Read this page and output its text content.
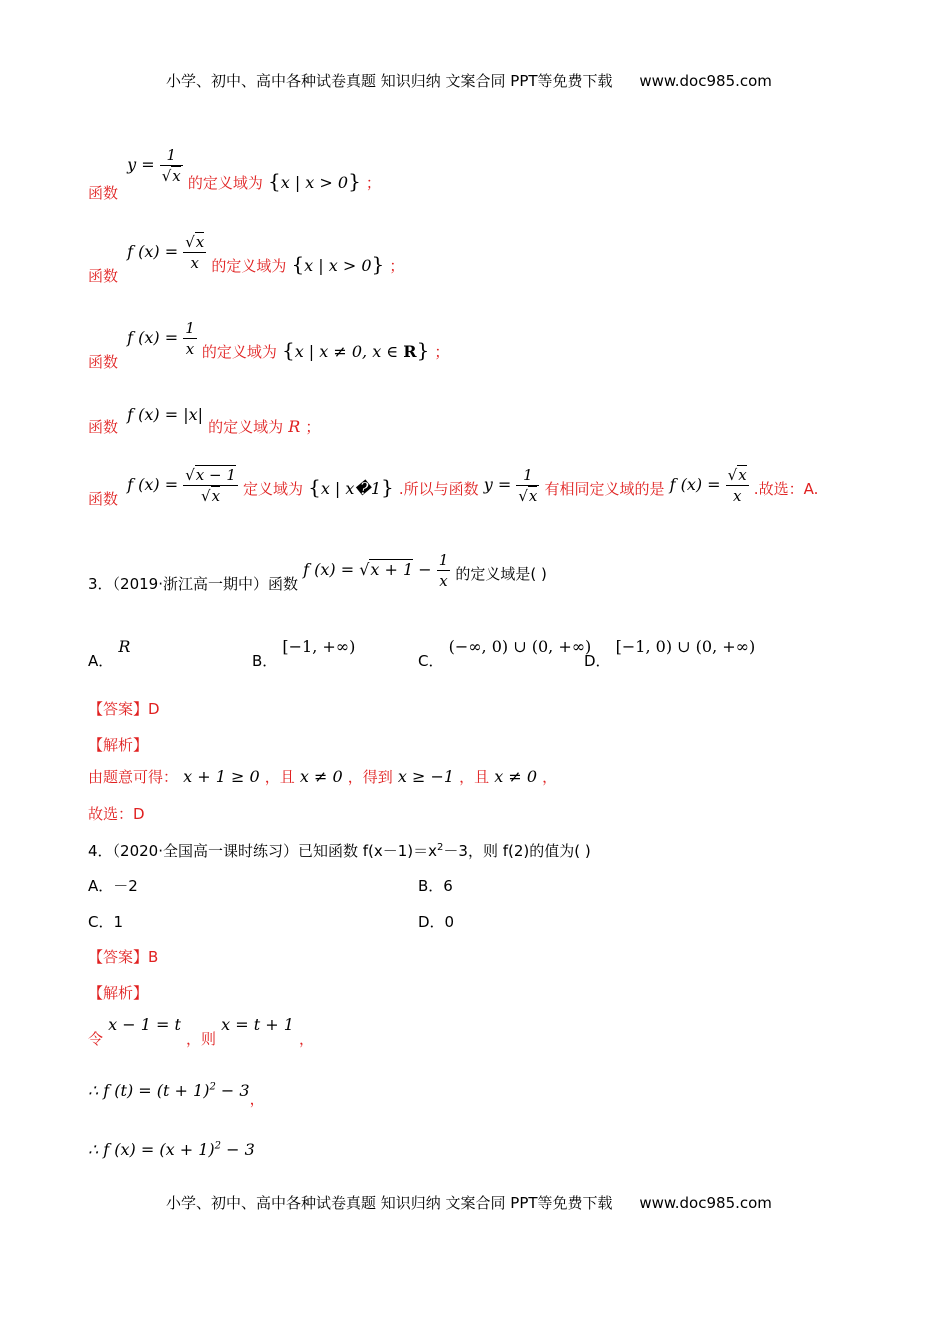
小学、初中、高中各种试卷真题 知识归纳 文案合同 PPT等免费下载 www.doc985.com
函数 $y = \frac{1}{√x}$ 的定义域为 {x | x > 0} ；
函数 f $(x) = \frac{√x}{x}$ 的定义域为 {x | x > 0} ；
函数 f $(x) = \frac{1}{x}$ 的定义域为 {x | x ≠ 0, x ∈ R} ；
函数 f (x) = |x| 的定义域为 R ；
函数 f $(x) = \frac{√x - 1}{√x}$ 定义域为 {x | x�1} .所以与函数 $y = \frac{1}{√x}$ 有相同定义域的是 f $(x) = \frac{√x}{x}$ .故选：A.
3．（2019·浙江高一期中）函数 f $(x) = √x + 1 - \frac{1}{x}$ 的定义域是( )
A． R
B． [−1, +∞)
C． (−∞, 0) ∪ (0, +∞)
D． [−1, 0) ∪ (0, +∞)
【答案】D
【解析】
由题意可得： x + 1 ≥ 0 ，且 x ≠ 0 ，得到 x ≥ −1 ，且 x ≠ 0 ，
故选：D
4．（2020·全国高一课时练习）已知函数 $f(x-1)=x^2-3$，则 f(2)的值为( )
A．－2	B．6
C．1	D．0
【答案】B
【解析】
令 x − 1 = t ，则 x = t + 1 ，
∴ f $(t) = (t + 1)^2 - 3$，
∴ f $(x) = (x + 1)^2 - 3$
小学、初中、高中各种试卷真题 知识归纳 文案合同 PPT等免费下载 www.doc985.com
